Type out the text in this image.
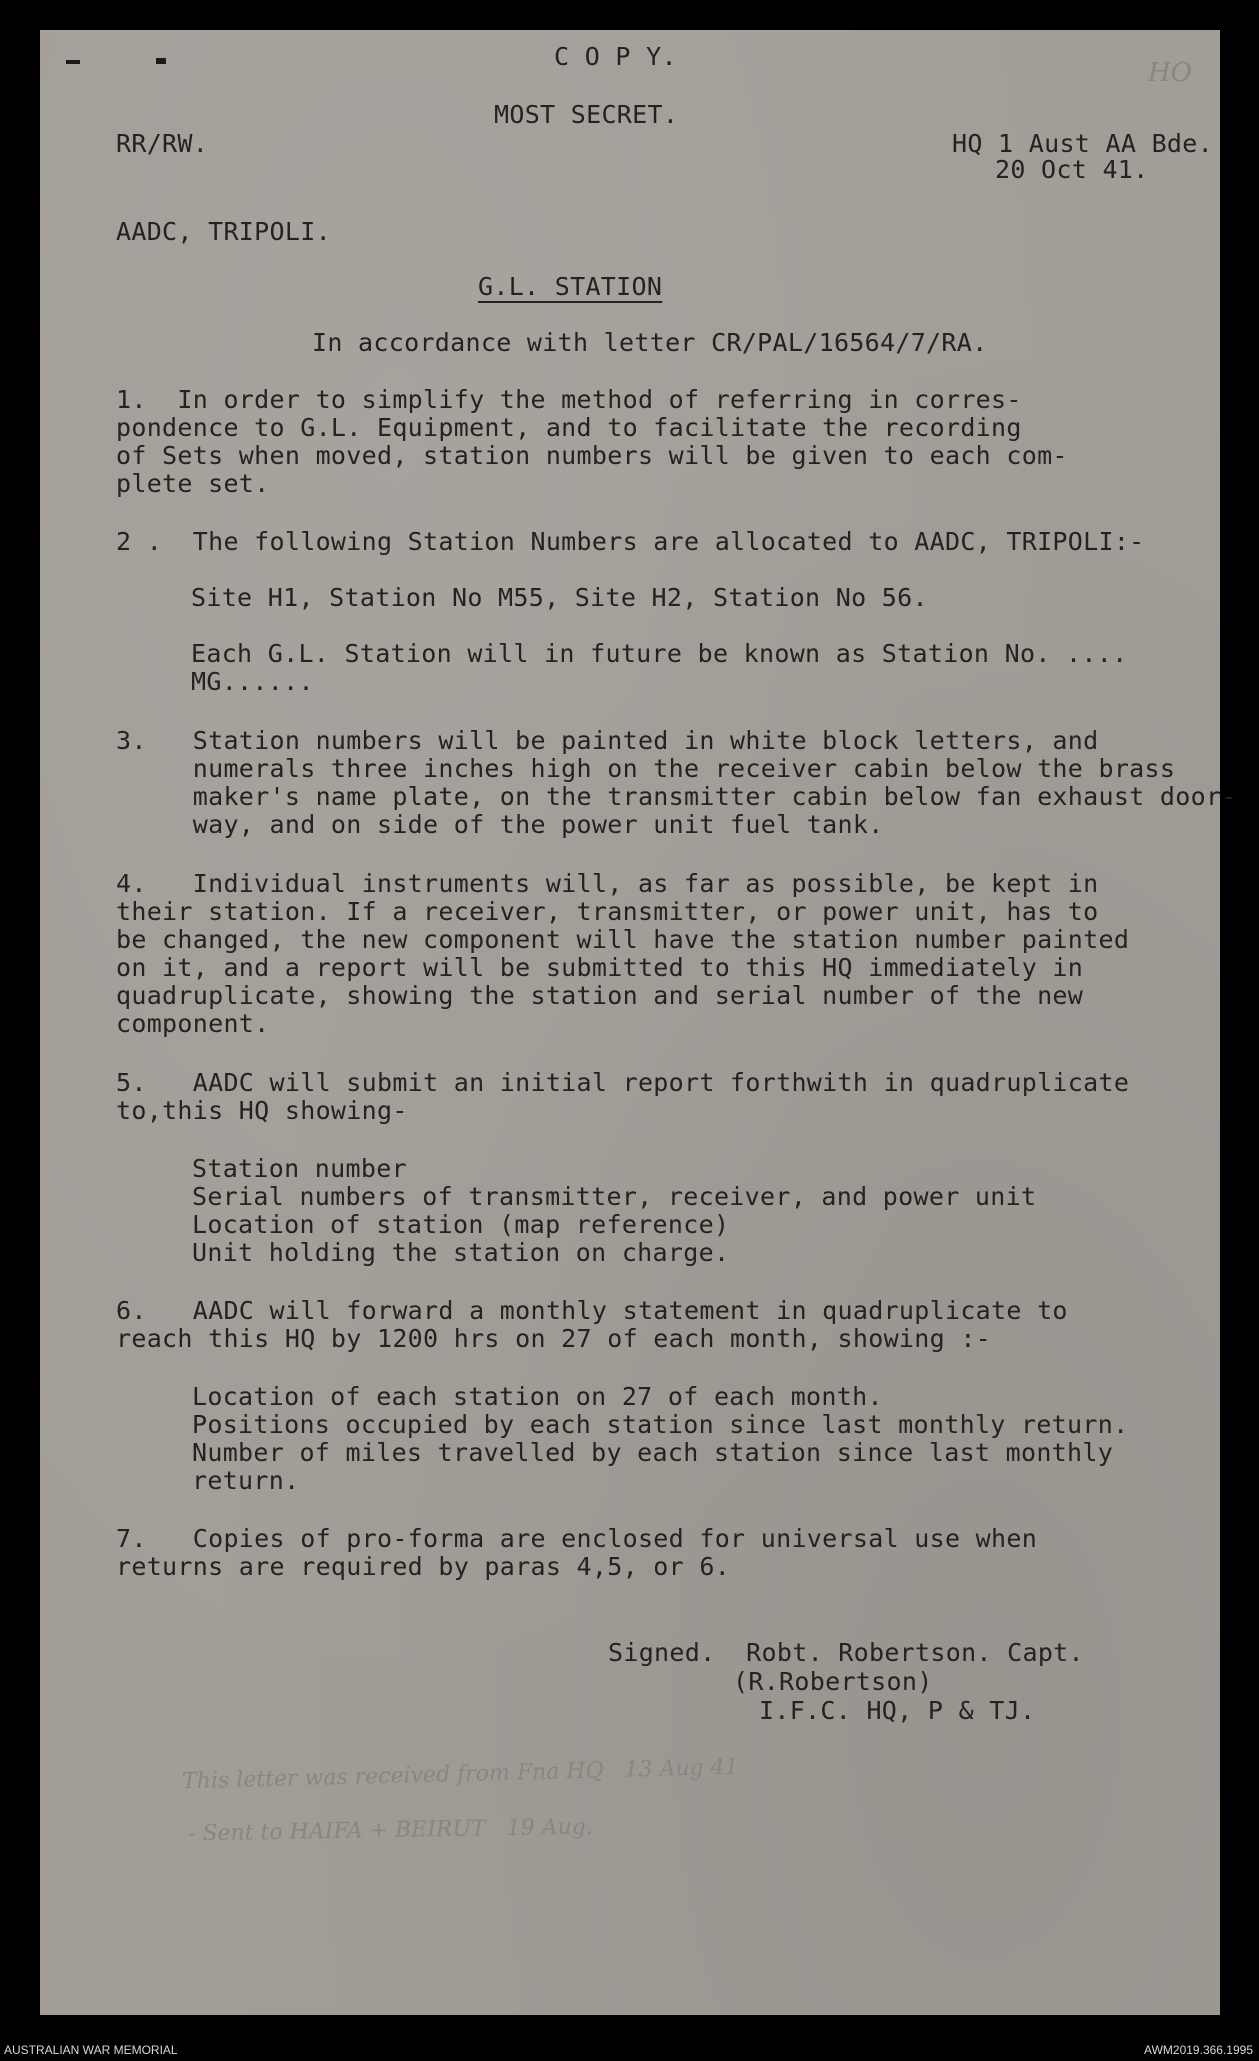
C O P Y.
HO
MOST SECRET.
RR/RW.	HQ 1 Aust AA Bde.
20 Oct 41.
AADC, TRIPOLI.
G.L. STATION
In accordance with letter CR/PAL/16564/7/RA.
1.  In order to simplify the method of referring in corres-
pondence to G.L. Equipment, and to facilitate the recording
of Sets when moved, station numbers will be given to each com-
plete set.
2 .  The following Station Numbers are allocated to AADC, TRIPOLI:-
Site H1, Station No M55, Site H2, Station No 56.
Each G.L. Station will in future be known as Station No. ....
MG......
3.   Station numbers will be painted in white block letters, and
numerals three inches high on the receiver cabin below the brass
maker's name plate, on the transmitter cabin below fan exhaust door-
way, and on side of the power unit fuel tank.
4.   Individual instruments will, as far as possible, be kept in
their station. If a receiver, transmitter, or power unit, has to
be changed, the new component will have the station number painted
on it, and a report will be submitted to this HQ immediately in
quadruplicate, showing the station and serial number of the new
component.
5.   AADC will submit an initial report forthwith in quadruplicate
to,this HQ showing-
Station number
Serial numbers of transmitter, receiver, and power unit
Location of station (map reference)
Unit holding the station on charge.
6.   AADC will forward a monthly statement in quadruplicate to
reach this HQ by 1200 hrs on 27 of each month, showing :-
Location of each station on 27 of each month.
Positions occupied by each station since last monthly return.
Number of miles travelled by each station since last monthly
return.
7.   Copies of pro-forma are enclosed for universal use when
returns are required by paras 4,5, or 6.
Signed.  Robt. Robertson. Capt.
(R.Robertson)
I.F.C. HQ, P & TJ.
This letter was received from Fna HQ   13 Aug 41
- Sent to HAIFA + BEIRUT   19 Aug.
AUSTRALIAN WAR MEMORIAL	AWM2019.366.1995
